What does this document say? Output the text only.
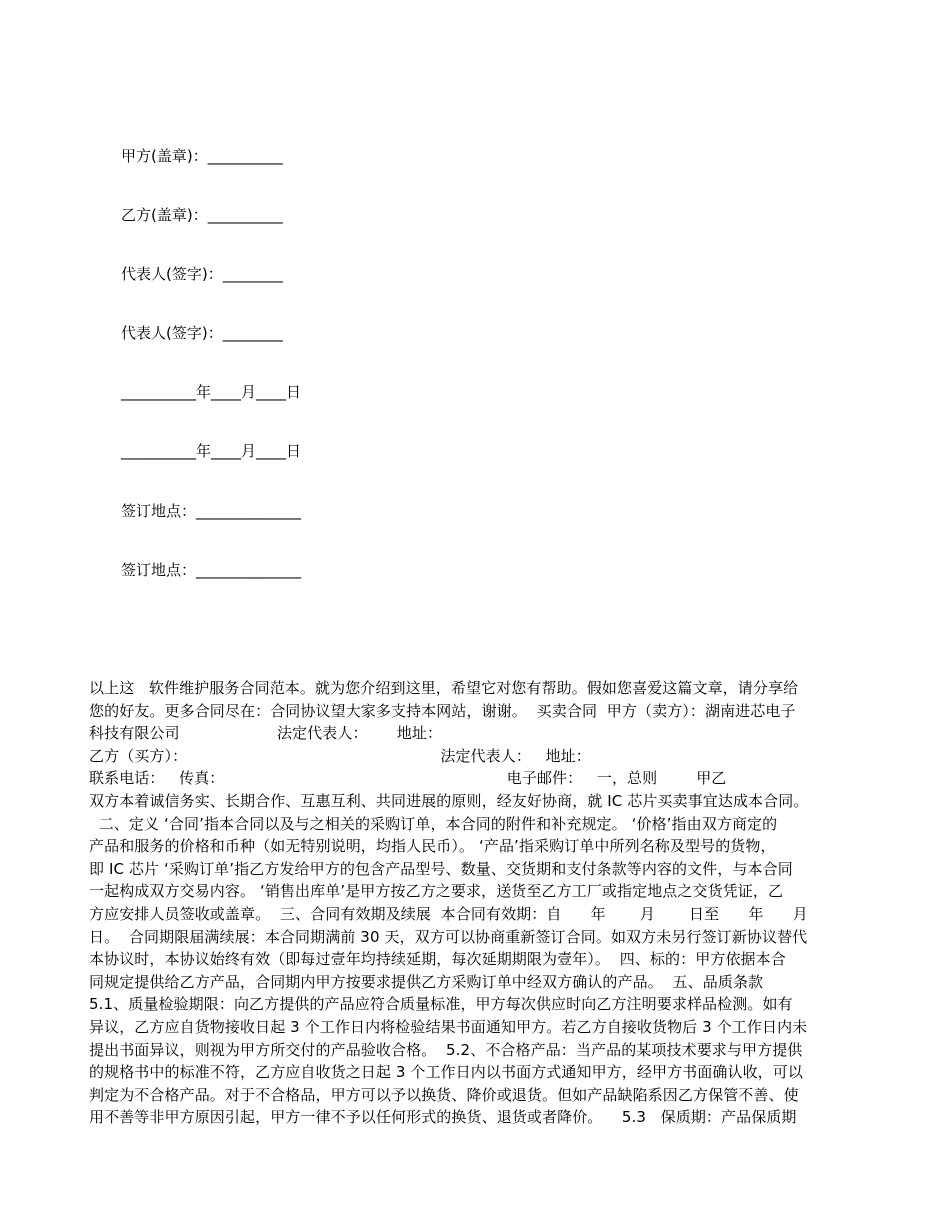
甲方(盖章)：__________
乙方(盖章)：__________
代表人(签字)：________
代表人(签字)：________
__________年____月____日
__________年____月____日
签订地点：______________
签订地点：______________
以上这   软件维护服务合同范本。就为您介绍到这里，希望它对您有帮助。假如您喜爱这篇文章，请分享给
您的好友。更多合同尽在：合同协议望大家多支持本网站，谢谢。  买卖合同  甲方（卖方）：湖南进芯电子
科技有限公司                    法定代表人：      地址：
乙方（买方）：                                                    法定代表人：   地址：
联系电话：   传真：                                                          电子邮件：   一，总则        甲乙
双方本着诚信务实、长期合作、互惠互利、共同进展的原则，经友好协商，就 IC 芯片买卖事宜达成本合同。
二、定义 ‘合同’指本合同以及与之相关的采购订单，本合同的附件和补充规定。 ‘价格’指由双方商定的
产品和服务的价格和币种（如无特别说明，均指人民币）。 ‘产品’指采购订单中所列名称及型号的货物，
即 IC 芯片 ‘采购订单’指乙方发给甲方的包含产品型号、数量、交货期和支付条款等内容的文件，与本合同
一起构成双方交易内容。 ‘销售出库单’是甲方按乙方之要求，送货至乙方工厂或指定地点之交货凭证，乙
方应安排人员签收或盖章。  三、合同有效期及续展  本合同有效期：自      年       月       日至      年      月
日。  合同期限届满续展：本合同期满前 30 天，双方可以协商重新签订合同。如双方未另行签订新协议替代
本协议时，本协议始终有效（即每过壹年均持续延期，每次延期期限为壹年）。  四、标的：甲方依据本合
同规定提供给乙方产品，合同期内甲方按要求提供乙方采购订单中经双方确认的产品。  五、品质条款
5.1、质量检验期限：向乙方提供的产品应符合质量标准，甲方每次供应时向乙方注明要求样品检测。如有
异议，乙方应自货物接收日起 3 个工作日内将检验结果书面通知甲方。若乙方自接收货物后 3 个工作日内未
提出书面异议，则视为甲方所交付的产品验收合格。  5.2、不合格产品：当产品的某项技术要求与甲方提供
的规格书中的标准不符，乙方应自收货之日起 3 个工作日内以书面方式通知甲方，经甲方书面确认收，可以
判定为不合格产品。对于不合格品，甲方可以予以换货、降价或退货。但如产品缺陷系因乙方保管不善、使
用不善等非甲方原因引起，甲方一律不予以任何形式的换货、退货或者降价。    5.3   保质期：产品保质期
